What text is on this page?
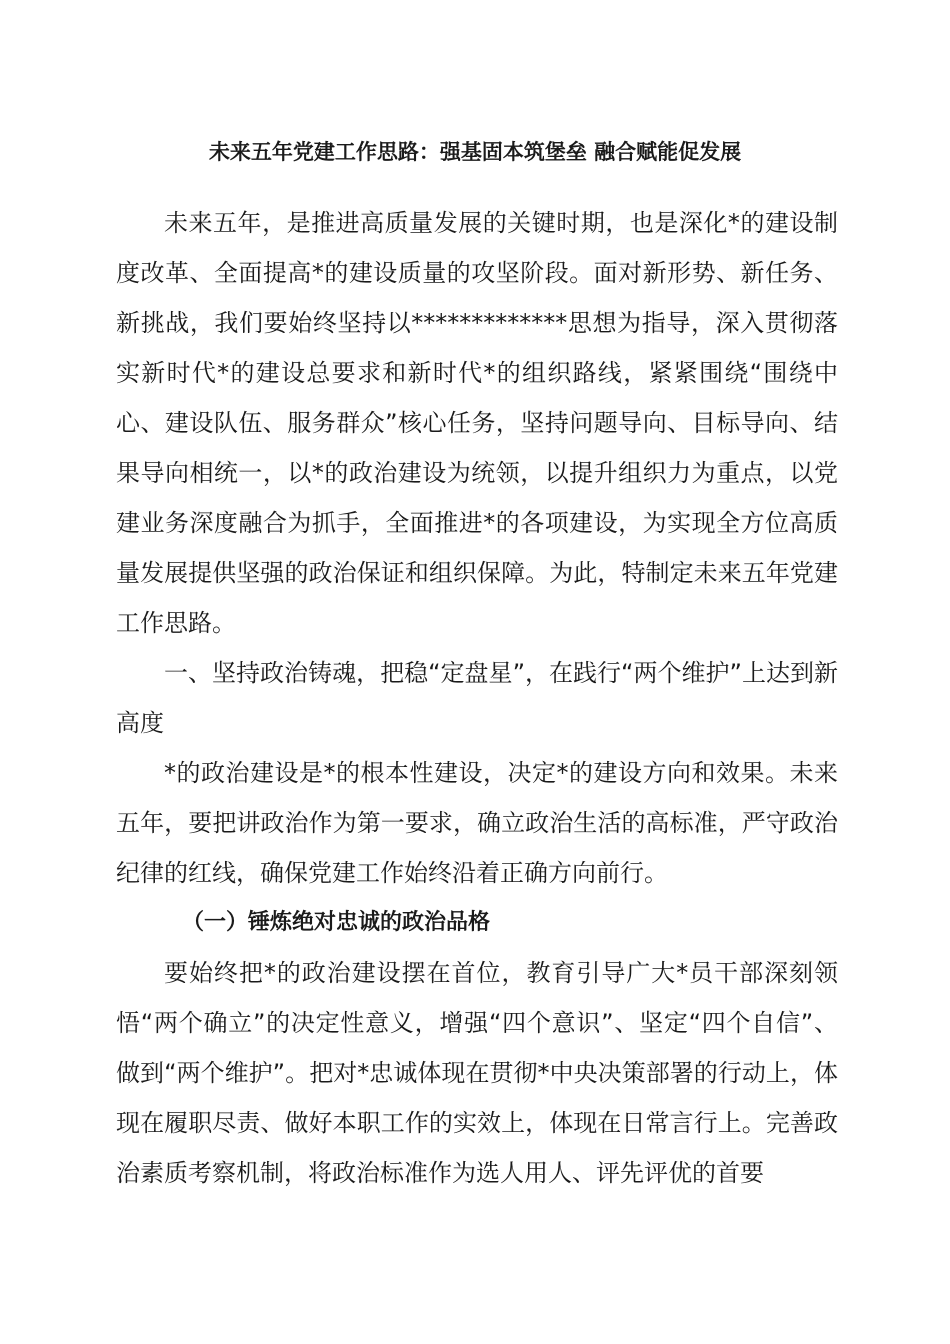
未来五年党建工作思路：强基固本筑堡垒 融合赋能促发展

未来五年，是推进高质量发展的关键时期，也是深化*的建设制度改革、全面提高*的建设质量的攻坚阶段。面对新形势、新任务、新挑战，我们要始终坚持以*************思想为指导，深入贯彻落实新时代*的建设总要求和新时代*的组织路线，紧紧围绕“围绕中心、建设队伍、服务群众”核心任务，坚持问题导向、目标导向、结果导向相统一，以*的政治建设为统领，以提升组织力为重点，以党建业务深度融合为抓手，全面推进*的各项建设，为实现全方位高质量发展提供坚强的政治保证和组织保障。为此，特制定未来五年党建工作思路。

一、坚持政治铸魂，把稳“定盘星”，在践行“两个维护”上达到新高度

*的政治建设是*的根本性建设，决定*的建设方向和效果。未来五年，要把讲政治作为第一要求，确立政治生活的高标准，严守政治纪律的红线，确保党建工作始终沿着正确方向前行。

（一）锤炼绝对忠诚的政治品格

要始终把*的政治建设摆在首位，教育引导广大*员干部深刻领悟“两个确立”的决定性意义，增强“四个意识”、坚定“四个自信”、做到“两个维护”。把对*忠诚体现在贯彻*中央决策部署的行动上，体现在履职尽责、做好本职工作的实效上，体现在日常言行上。完善政治素质考察机制，将政治标准作为选人用人、评先评优的首要
